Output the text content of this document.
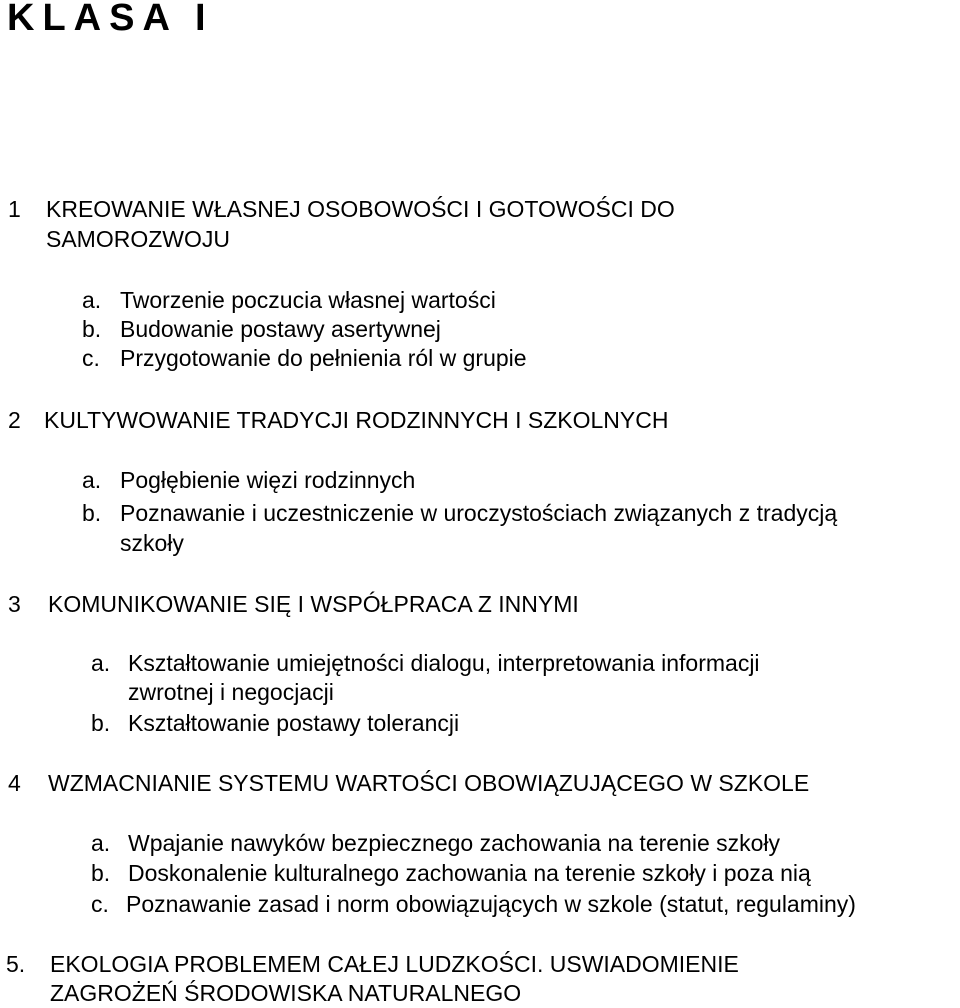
KLASA I
1 KREOWANIE WŁASNEJ OSOBOWOŚCI I GOTOWOŚCI DO
SAMOROZWOJU
a. Tworzenie poczucia własnej wartości
b. Budowanie postawy asertywnej
c. Przygotowanie do pełnienia ról w grupie
2 KULTYWOWANIE TRADYCJI RODZINNYCH I SZKOLNYCH
a. Pogłębienie więzi rodzinnych
b. Poznawanie i uczestniczenie w uroczystościach związanych z tradycją
szkoły
3 KOMUNIKOWANIE SIĘ I WSPÓŁPRACA Z INNYMI
a. Kształtowanie umiejętności dialogu, interpretowania informacji
zwrotnej i negocjacji
b. Kształtowanie postawy tolerancji
4 WZMACNIANIE SYSTEMU WARTOŚCI OBOWIĄZUJĄCEGO W SZKOLE
a. Wpajanie nawyków bezpiecznego zachowania na terenie szkoły
b. Doskonalenie kulturalnego zachowania na terenie szkoły i poza nią
c. Poznawanie zasad i norm obowiązujących w szkole (statut, regulaminy)
5. EKOLOGIA PROBLEMEM CAŁEJ LUDZKOŚCI. USWIADOMIENIE
ZAGROŻEŃ ŚRODOWISKA NATURALNEGO
